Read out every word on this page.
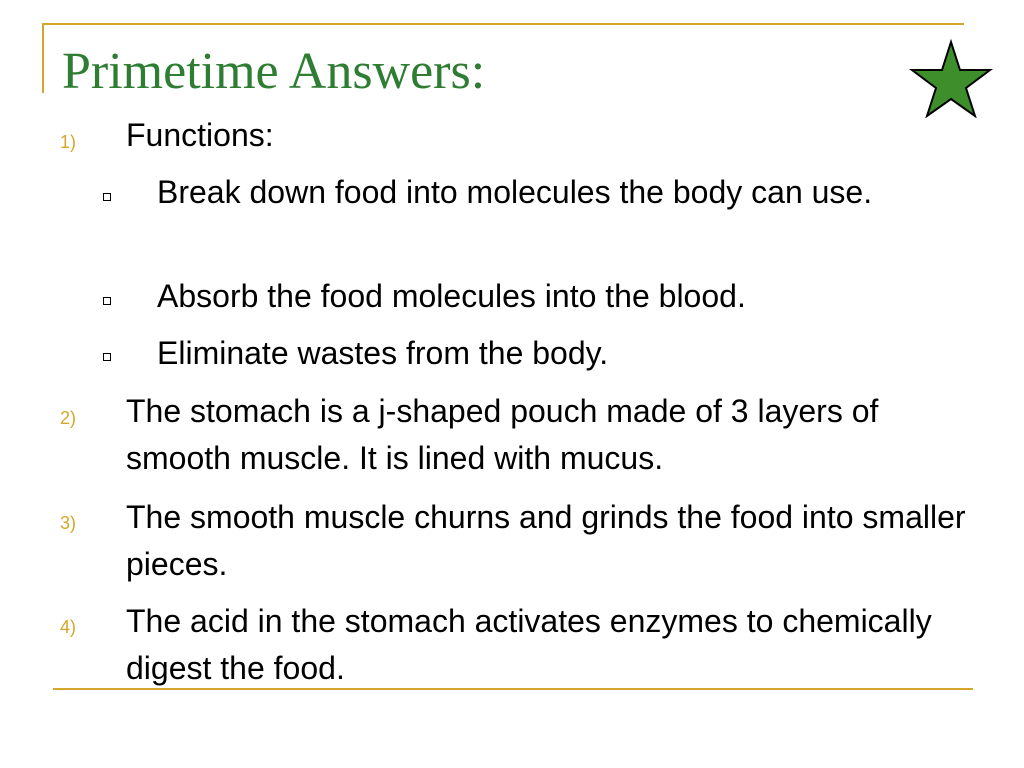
Primetime Answers:
1) Functions:

Break down food into molecules the body can use.

Absorb the food molecules into the blood.

Eliminate wastes from the body.

2) The stomach is a j-shaped pouch made of 3 layers of smooth muscle. It is lined with mucus.

3) The smooth muscle churns and grinds the food into smaller pieces.

4) The acid in the stomach activates enzymes to chemically digest the food.
